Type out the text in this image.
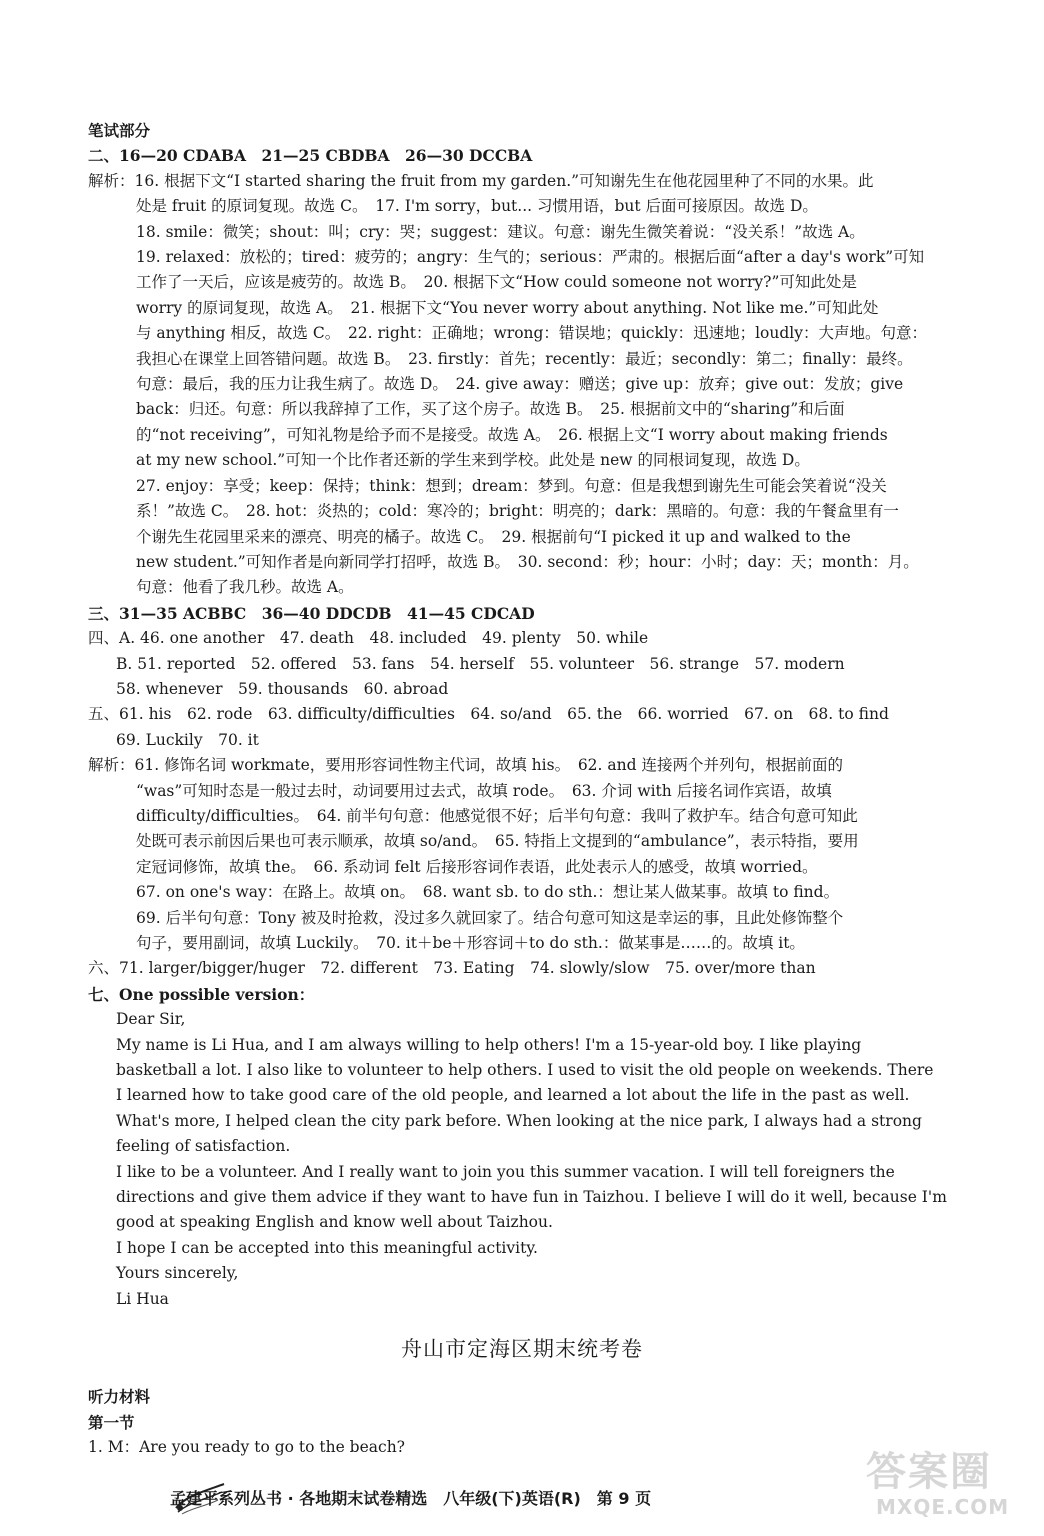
笔试部分
二、16—20 CDABA　21—25 CBDBA　26—30 DCCBA
解析：16. 根据下文“I started sharing the fruit from my garden.”可知谢先生在他花园里种了不同的水果。此
处是 fruit 的原词复现。故选 C。　17. I'm sorry，but... 习惯用语，but 后面可接原因。故选 D。
18. smile：微笑；shout：叫；cry：哭；suggest：建议。句意：谢先生微笑着说：“没关系！”故选 A。
19. relaxed：放松的；tired：疲劳的；angry：生气的；serious：严肃的。根据后面“after a day's work”可知
工作了一天后，应该是疲劳的。故选 B。　20. 根据下文“How could someone not worry?”可知此处是
worry 的原词复现，故选 A。　21. 根据下文“You never worry about anything. Not like me.”可知此处
与 anything 相反，故选 C。　22. right：正确地；wrong：错误地；quickly：迅速地；loudly：大声地。句意：
我担心在课堂上回答错问题。故选 B。　23. firstly：首先；recently：最近；secondly：第二；finally：最终。
句意：最后，我的压力让我生病了。故选 D。　24. give away：赠送；give up：放弃；give out：发放；give
back：归还。句意：所以我辞掉了工作，买了这个房子。故选 B。　25. 根据前文中的“sharing”和后面
的“not receiving”，可知礼物是给予而不是接受。故选 A。　26. 根据上文“I worry about making friends
at my new school.”可知一个比作者还新的学生来到学校。此处是 new 的同根词复现，故选 D。
27. enjoy：享受；keep：保持；think：想到；dream：梦到。句意：但是我想到谢先生可能会笑着说“没关
系！”故选 C。　28. hot：炎热的；cold：寒冷的；bright：明亮的；dark：黑暗的。句意：我的午餐盒里有一
个谢先生花园里采来的漂亮、明亮的橘子。故选 C。　29. 根据前句“I picked it up and walked to the
new student.”可知作者是向新同学打招呼，故选 B。　30. second：秒；hour：小时；day：天；month：月。
句意：他看了我几秒。故选 A。
三、31—35 ACBBC　36—40 DDCDB　41—45 CDCAD
四、A. 46. one another　47. death　48. included　49. plenty　50. while
B. 51. reported　52. offered　53. fans　54. herself　55. volunteer　56. strange　57. modern
58. whenever　59. thousands　60. abroad
五、61. his　62. rode　63. difficulty/difficulties　64. so/and　65. the　66. worried　67. on　68. to find
69. Luckily　70. it
解析：61. 修饰名词 workmate，要用形容词性物主代词，故填 his。　62. and 连接两个并列句，根据前面的
“was”可知时态是一般过去时，动词要用过去式，故填 rode。　63. 介词 with 后接名词作宾语，故填
difficulty/difficulties。　64. 前半句句意：他感觉很不好；后半句句意：我叫了救护车。结合句意可知此
处既可表示前因后果也可表示顺承，故填 so/and。　65. 特指上文提到的“ambulance”，表示特指，要用
定冠词修饰，故填 the。　66. 系动词 felt 后接形容词作表语，此处表示人的感受，故填 worried。
67. on one's way：在路上。故填 on。　68. want sb. to do sth.：想让某人做某事。故填 to find。
69. 后半句句意：Tony 被及时抢救，没过多久就回家了。结合句意可知这是幸运的事，且此处修饰整个
句子，要用副词，故填 Luckily。　70. it＋be＋形容词＋to do sth.：做某事是……的。故填 it。
六、71. larger/bigger/huger　72. different　73. Eating　74. slowly/slow　75. over/more than
七、One possible version：
Dear Sir,
My name is Li Hua, and I am always willing to help others! I'm a 15-year-old boy. I like playing
basketball a lot. I also like to volunteer to help others. I used to visit the old people on weekends. There
I learned how to take good care of the old people, and learned a lot about the life in the past as well.
What's more, I helped clean the city park before. When looking at the nice park, I always had a strong
feeling of satisfaction.
I like to be a volunteer. And I really want to join you this summer vacation. I will tell foreigners the
directions and give them advice if they want to have fun in Taizhou. I believe I will do it well, because I'm
good at speaking English and know well about Taizhou.
I hope I can be accepted into this meaningful activity.
Yours sincerely,
Li Hua
舟山市定海区期末统考卷
听力材料
第一节
1. M：Are you ready to go to the beach?
孟建平系列丛书 · 各地期末试卷精选　八年级(下)英语(R)　第 9 页
答案圈
MXQE.COM
